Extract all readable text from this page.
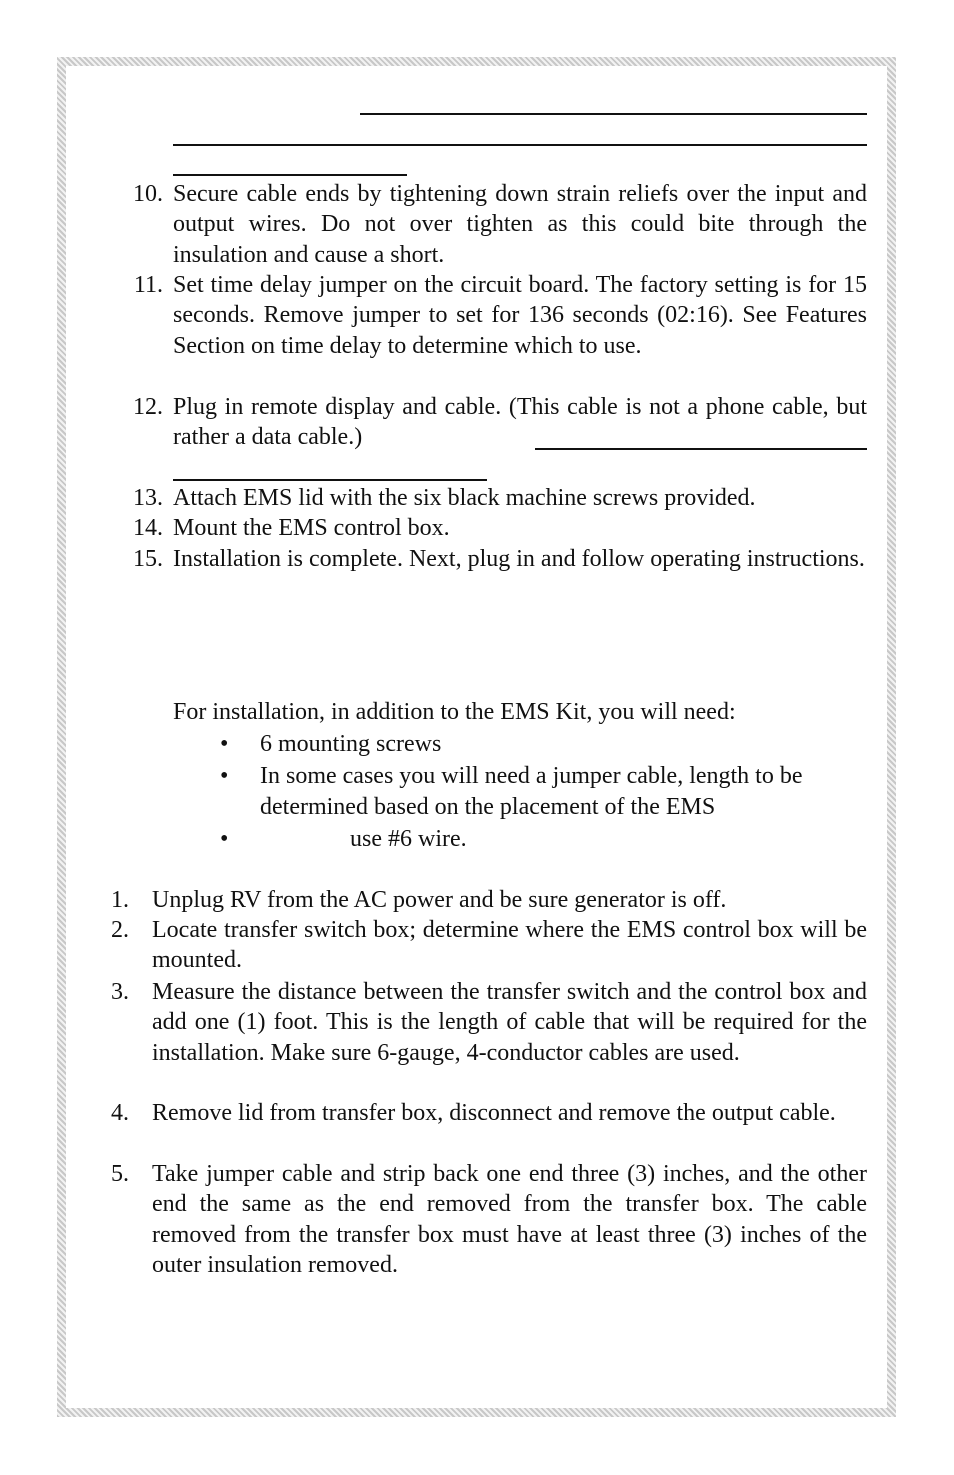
10. Secure cable ends by tightening down strain reliefs over the input and output wires. Do not over tighten as this could bite through the insulation and cause a short.
11. Set time delay jumper on the circuit board. The factory setting is for 15 seconds. Remove jumper to set for 136 seconds (02:16). See Features Section on time delay to determine which to use.
12. Plug in remote display and cable. (This cable is not a phone cable, but rather a data cable.)
13. Attach EMS lid with the six black machine screws provided.
14. Mount the EMS control box.
15. Installation is complete. Next, plug in and follow operating instructions.
For installation, in addition to the EMS Kit, you will need:
• 6 mounting screws
• In some cases you will need a jumper cable, length to be determined based on the placement of the EMS
•	use #6 wire.
1. Unplug RV from the AC power and be sure generator is off.
2. Locate transfer switch box; determine where the EMS control box will be mounted.
3. Measure the distance between the transfer switch and the control box and add one (1) foot. This is the length of cable that will be required for the installation. Make sure 6-gauge, 4-conductor cables are used.
4. Remove lid from transfer box, disconnect and remove the output cable.
5. Take jumper cable and strip back one end three (3) inches, and the other end the same as the end removed from the transfer box. The cable removed from the transfer box must have at least three (3) inches of the outer insulation removed.
